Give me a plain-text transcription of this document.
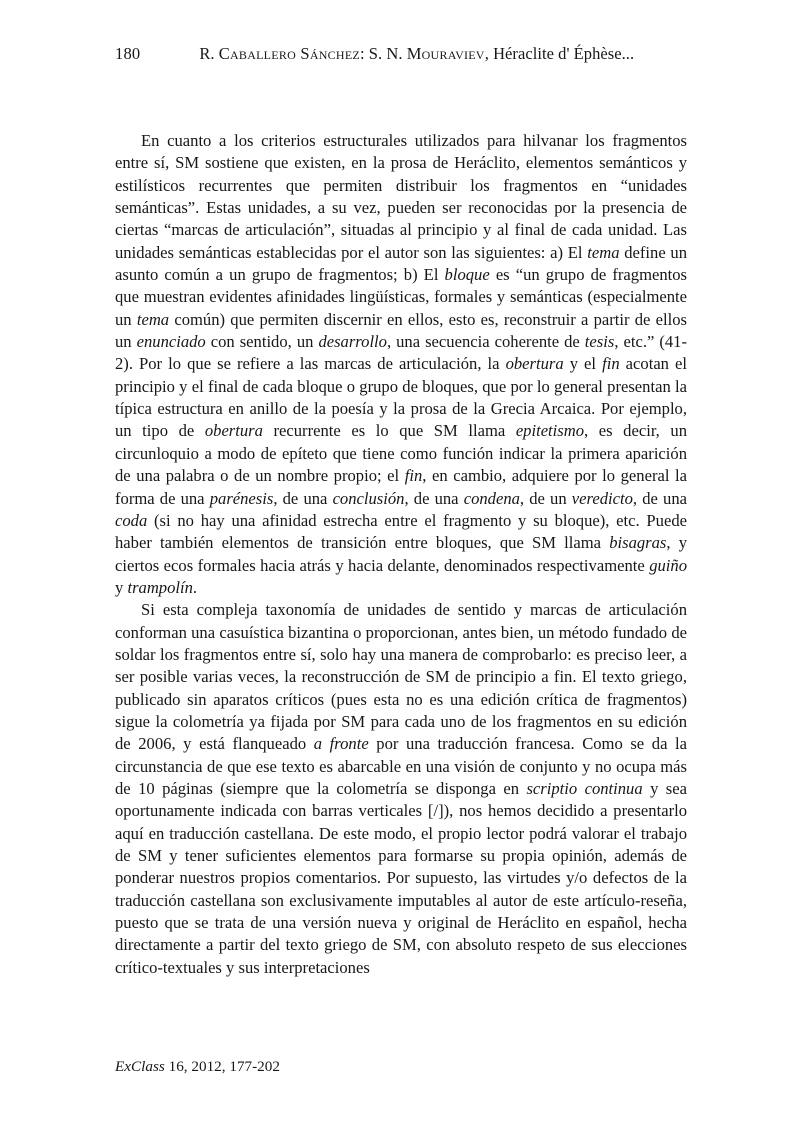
180	R. Caballero Sánchez: S. N. Mouraviev, Héraclite d' Éphèse...

En cuanto a los criterios estructurales utilizados para hilvanar los fragmentos entre sí, SM sostiene que existen, en la prosa de Heráclito, elementos semánticos y estilísticos recurrentes que permiten distribuir los fragmentos en “unidades semánticas”. Estas unidades, a su vez, pueden ser reconocidas por la presencia de ciertas “marcas de articulación”, situadas al principio y al final de cada unidad. Las unidades semánticas establecidas por el autor son las siguientes: a) El tema define un asunto común a un grupo de fragmentos; b) El bloque es “un grupo de fragmentos que muestran evidentes afinidades lingüísticas, formales y semánticas (especialmente un tema común) que permiten discernir en ellos, esto es, reconstruir a partir de ellos un enunciado con sentido, un desarrollo, una secuencia coherente de tesis, etc.” (41-2). Por lo que se refiere a las marcas de articulación, la obertura y el fin acotan el principio y el final de cada bloque o grupo de bloques, que por lo general presentan la típica estructura en anillo de la poesía y la prosa de la Grecia Arcaica. Por ejemplo, un tipo de obertura recurrente es lo que SM llama epitetismo, es decir, un circunloquio a modo de epíteto que tiene como función indicar la primera aparición de una palabra o de un nombre propio; el fin, en cambio, adquiere por lo general la forma de una parénesis, de una conclusión, de una condena, de un veredicto, de una coda (si no hay una afinidad estrecha entre el fragmento y su bloque), etc. Puede haber también elementos de transición entre bloques, que SM llama bisagras, y ciertos ecos formales hacia atrás y hacia delante, denominados respectivamente guiño y trampolín.

Si esta compleja taxonomía de unidades de sentido y marcas de articulación conforman una casuística bizantina o proporcionan, antes bien, un método fundado de soldar los fragmentos entre sí, solo hay una manera de comprobarlo: es preciso leer, a ser posible varias veces, la reconstrucción de SM de principio a fin. El texto griego, publicado sin aparatos críticos (pues esta no es una edición crítica de fragmentos) sigue la colometría ya fijada por SM para cada uno de los fragmentos en su edición de 2006, y está flanqueado a fronte por una traducción francesa. Como se da la circunstancia de que ese texto es abarcable en una visión de conjunto y no ocupa más de 10 páginas (siempre que la colometría se disponga en scriptio continua y sea oportunamente indicada con barras verticales [/]), nos hemos decidido a presentarlo aquí en traducción castellana. De este modo, el propio lector podrá valorar el trabajo de SM y tener suficientes elementos para formarse su propia opinión, además de ponderar nuestros propios comentarios. Por supuesto, las virtudes y/o defectos de la traducción castellana son exclusivamente imputables al autor de este artículo-reseña, puesto que se trata de una versión nueva y original de Heráclito en español, hecha directamente a partir del texto griego de SM, con absoluto respeto de sus elecciones crítico-textuales y sus interpretaciones

ExClass 16, 2012, 177-202
